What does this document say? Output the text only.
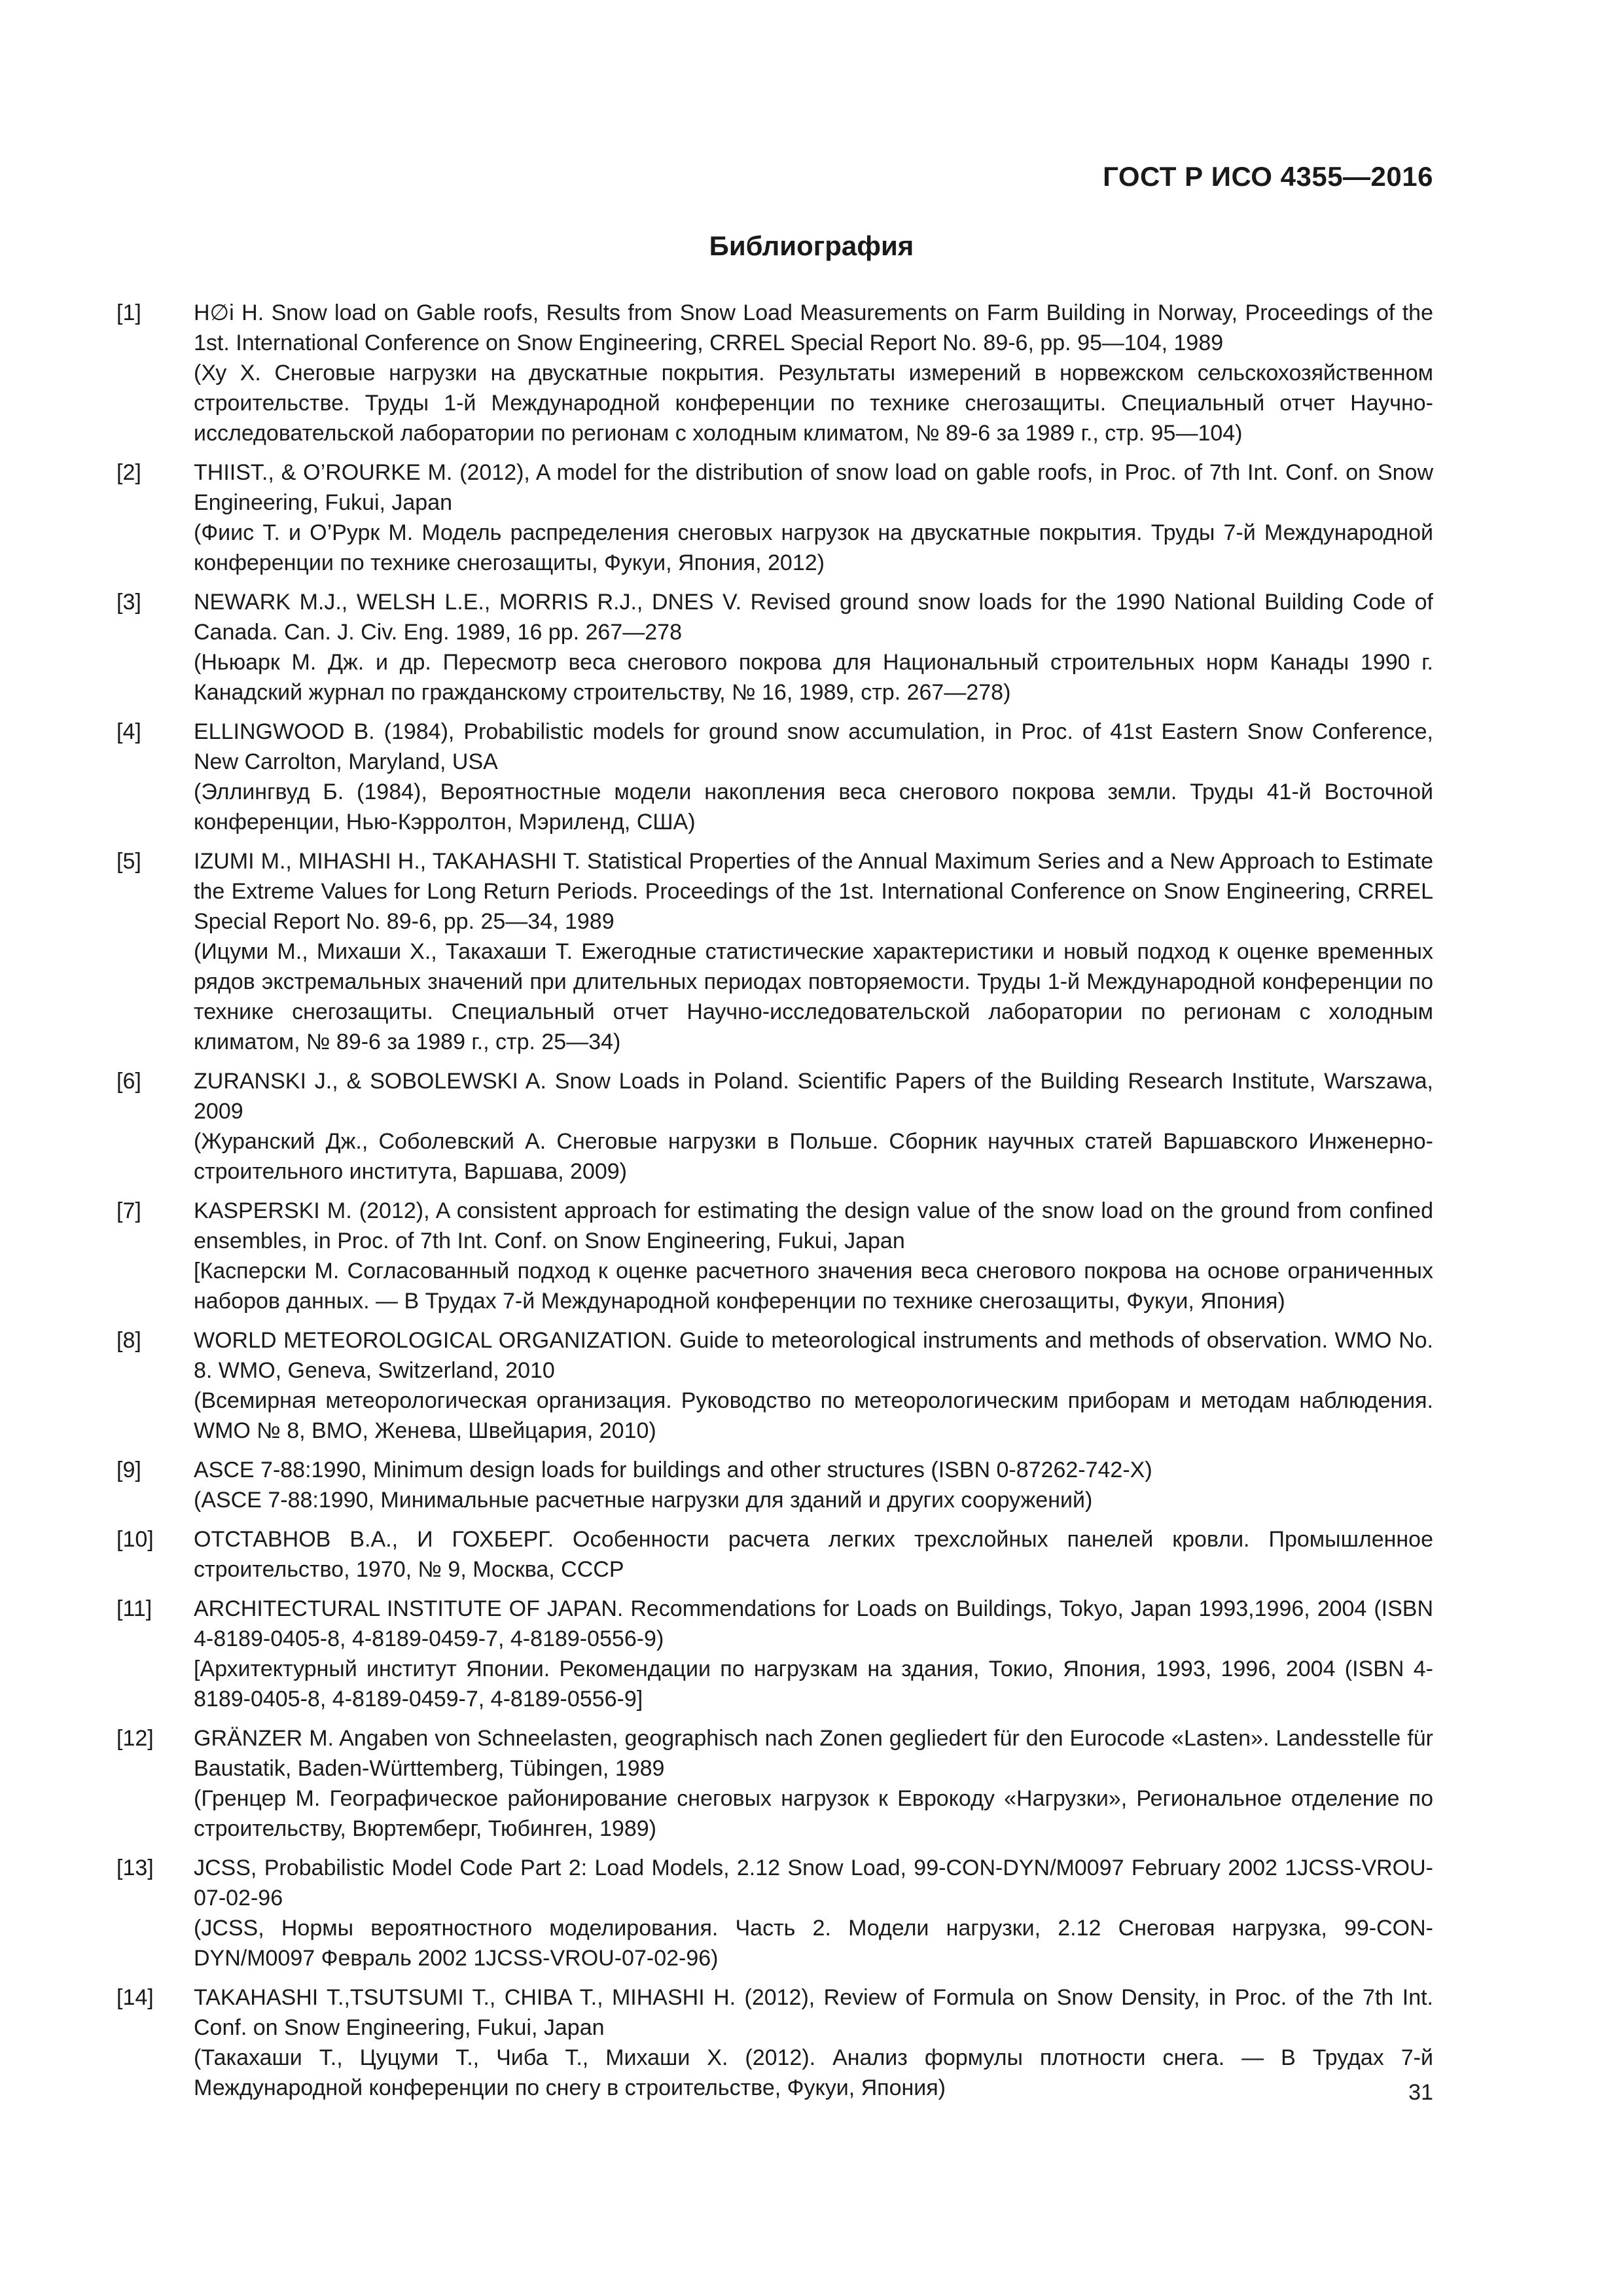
ГОСТ Р ИСО 4355—2016
Библиография
[1] H∅i H. Snow load on Gable roofs, Results from Snow Load Measurements on Farm Building in Norway, Proceedings of the 1st. International Conference on Snow Engineering, CRREL Special Report No. 89-6, pp. 95—104, 1989

(Ху Х. Снеговые нагрузки на двускатные покрытия. Результаты измерений в норвежском сельскохозяйственном строительстве. Труды 1-й Международной конференции по технике снегозащиты. Специальный отчет Научно-исследовательской лаборатории по регионам с холодным климатом, № 89-6 за 1989 г., стр. 95—104)

[2] THIIST., & O’ROURKE M. (2012), A model for the distribution of snow load on gable roofs, in Proc. of 7th Int. Conf. on Snow Engineering, Fukui, Japan

(Фиис Т. и О’Рурк М. Модель распределения снеговых нагрузок на двускатные покрытия. Труды 7-й Международной конференции по технике снегозащиты, Фукуи, Япония, 2012)

[3] NEWARK M.J., WELSH L.E., MORRIS R.J., DNES V. Revised ground snow loads for the 1990 National Building Code of Canada. Can. J. Civ. Eng. 1989, 16 pp. 267—278

(Ньюарк М. Дж. и др. Пересмотр веса снегового покрова для Национальный строительных норм Канады 1990 г. Канадский журнал по гражданскому строительству, № 16, 1989, стр. 267—278)

[4] ELLINGWOOD B. (1984), Probabilistic models for ground snow accumulation, in Proc. of 41st Eastern Snow Conference, New Carrolton, Maryland, USA

(Эллингвуд Б. (1984), Вероятностные модели накопления веса снегового покрова земли. Труды 41-й Восточной конференции, Нью-Кэрролтон, Мэриленд, США)

[5] IZUMI M., MIHASHI H., TAKAHASHI T. Statistical Properties of the Annual Maximum Series and a New Approach to Estimate the Extreme Values for Long Return Periods. Proceedings of the 1st. International Conference on Snow Engineering, CRREL Special Report No. 89-6, pp. 25—34, 1989

(Ицуми М., Михаши Х., Такахаши Т. Ежегодные статистические характеристики и новый подход к оценке временных рядов экстремальных значений при длительных периодах повторяемости. Труды 1-й Международной конференции по технике снегозащиты. Специальный отчет Научно-исследовательской лаборатории по регионам с холодным климатом, № 89-6 за 1989 г., стр. 25—34)

[6] ZURANSKI J., & SOBOLEWSKI A. Snow Loads in Poland. Scientific Papers of the Building Research Institute, Warszawa, 2009

(Журанский Дж., Соболевский А. Снеговые нагрузки в Польше. Сборник научных статей Варшавского Инженерно-строительного института, Варшава, 2009)

[7] KASPERSKI M. (2012), A consistent approach for estimating the design value of the snow load on the ground from confined ensembles, in Proc. of 7th Int. Conf. on Snow Engineering, Fukui, Japan

[Касперски М. Согласованный подход к оценке расчетного значения веса снегового покрова на основе ограниченных наборов данных. — В Трудах 7-й Международной конференции по технике снегозащиты, Фукуи, Япония)

[8] WORLD METEOROLOGICAL ORGANIZATION. Guide to meteorological instruments and methods of observation. WMO No. 8. WMO, Geneva, Switzerland, 2010

(Всемирная метеорологическая организация. Руководство по метеорологическим приборам и методам наблюдения. WMO № 8, ВМО, Женева, Швейцария, 2010)

[9] ASCE 7-88:1990, Minimum design loads for buildings and other structures (ISBN 0-87262-742-X)

(ASCE 7-88:1990, Минимальные расчетные нагрузки для зданий и других сооружений)

[10] ОТСТАВНОВ В.А., И ГОХБЕРГ. Особенности расчета легких трехслойных панелей кровли. Промышленное строительство, 1970, № 9, Москва, СССР

[11] ARCHITECTURAL INSTITUTE OF JAPAN. Recommendations for Loads on Buildings, Tokyo, Japan 1993,1996, 2004 (ISBN 4-8189-0405-8, 4-8189-0459-7, 4-8189-0556-9)

[Архитектурный институт Японии. Рекомендации по нагрузкам на здания, Токио, Япония, 1993, 1996, 2004 (ISBN 4-8189-0405-8, 4-8189-0459-7, 4-8189-0556-9]

[12] GRÄNZER M. Angaben von Schneelasten, geographisch nach Zonen gegliedert für den Eurocode «Lasten». Landesstelle für Baustatik, Baden-Württemberg, Tübingen, 1989

(Гренцер М. Географическое районирование снеговых нагрузок к Еврокоду «Нагрузки», Региональное отделение по строительству, Вюртемберг, Тюбинген, 1989)

[13] JCSS, Probabilistic Model Code Part 2: Load Models, 2.12 Snow Load, 99-CON-DYN/M0097 February 2002 1JCSS-VROU-07-02-96

(JCSS, Нормы вероятностного моделирования. Часть 2. Модели нагрузки, 2.12 Снеговая нагрузка, 99-CON-DYN/M0097 Февраль 2002 1JCSS-VROU-07-02-96)

[14] TAKAHASHI T.,TSUTSUMI T., CHIBA T., MIHASHI H. (2012), Review of Formula on Snow Density, in Proc. of the 7th Int. Conf. on Snow Engineering, Fukui, Japan

(Такахаши Т., Цуцуми Т., Чиба Т., Михаши Х. (2012). Анализ формулы плотности снега. — В Трудах 7-й Международной конференции по снегу в строительстве, Фукуи, Япония)	31
